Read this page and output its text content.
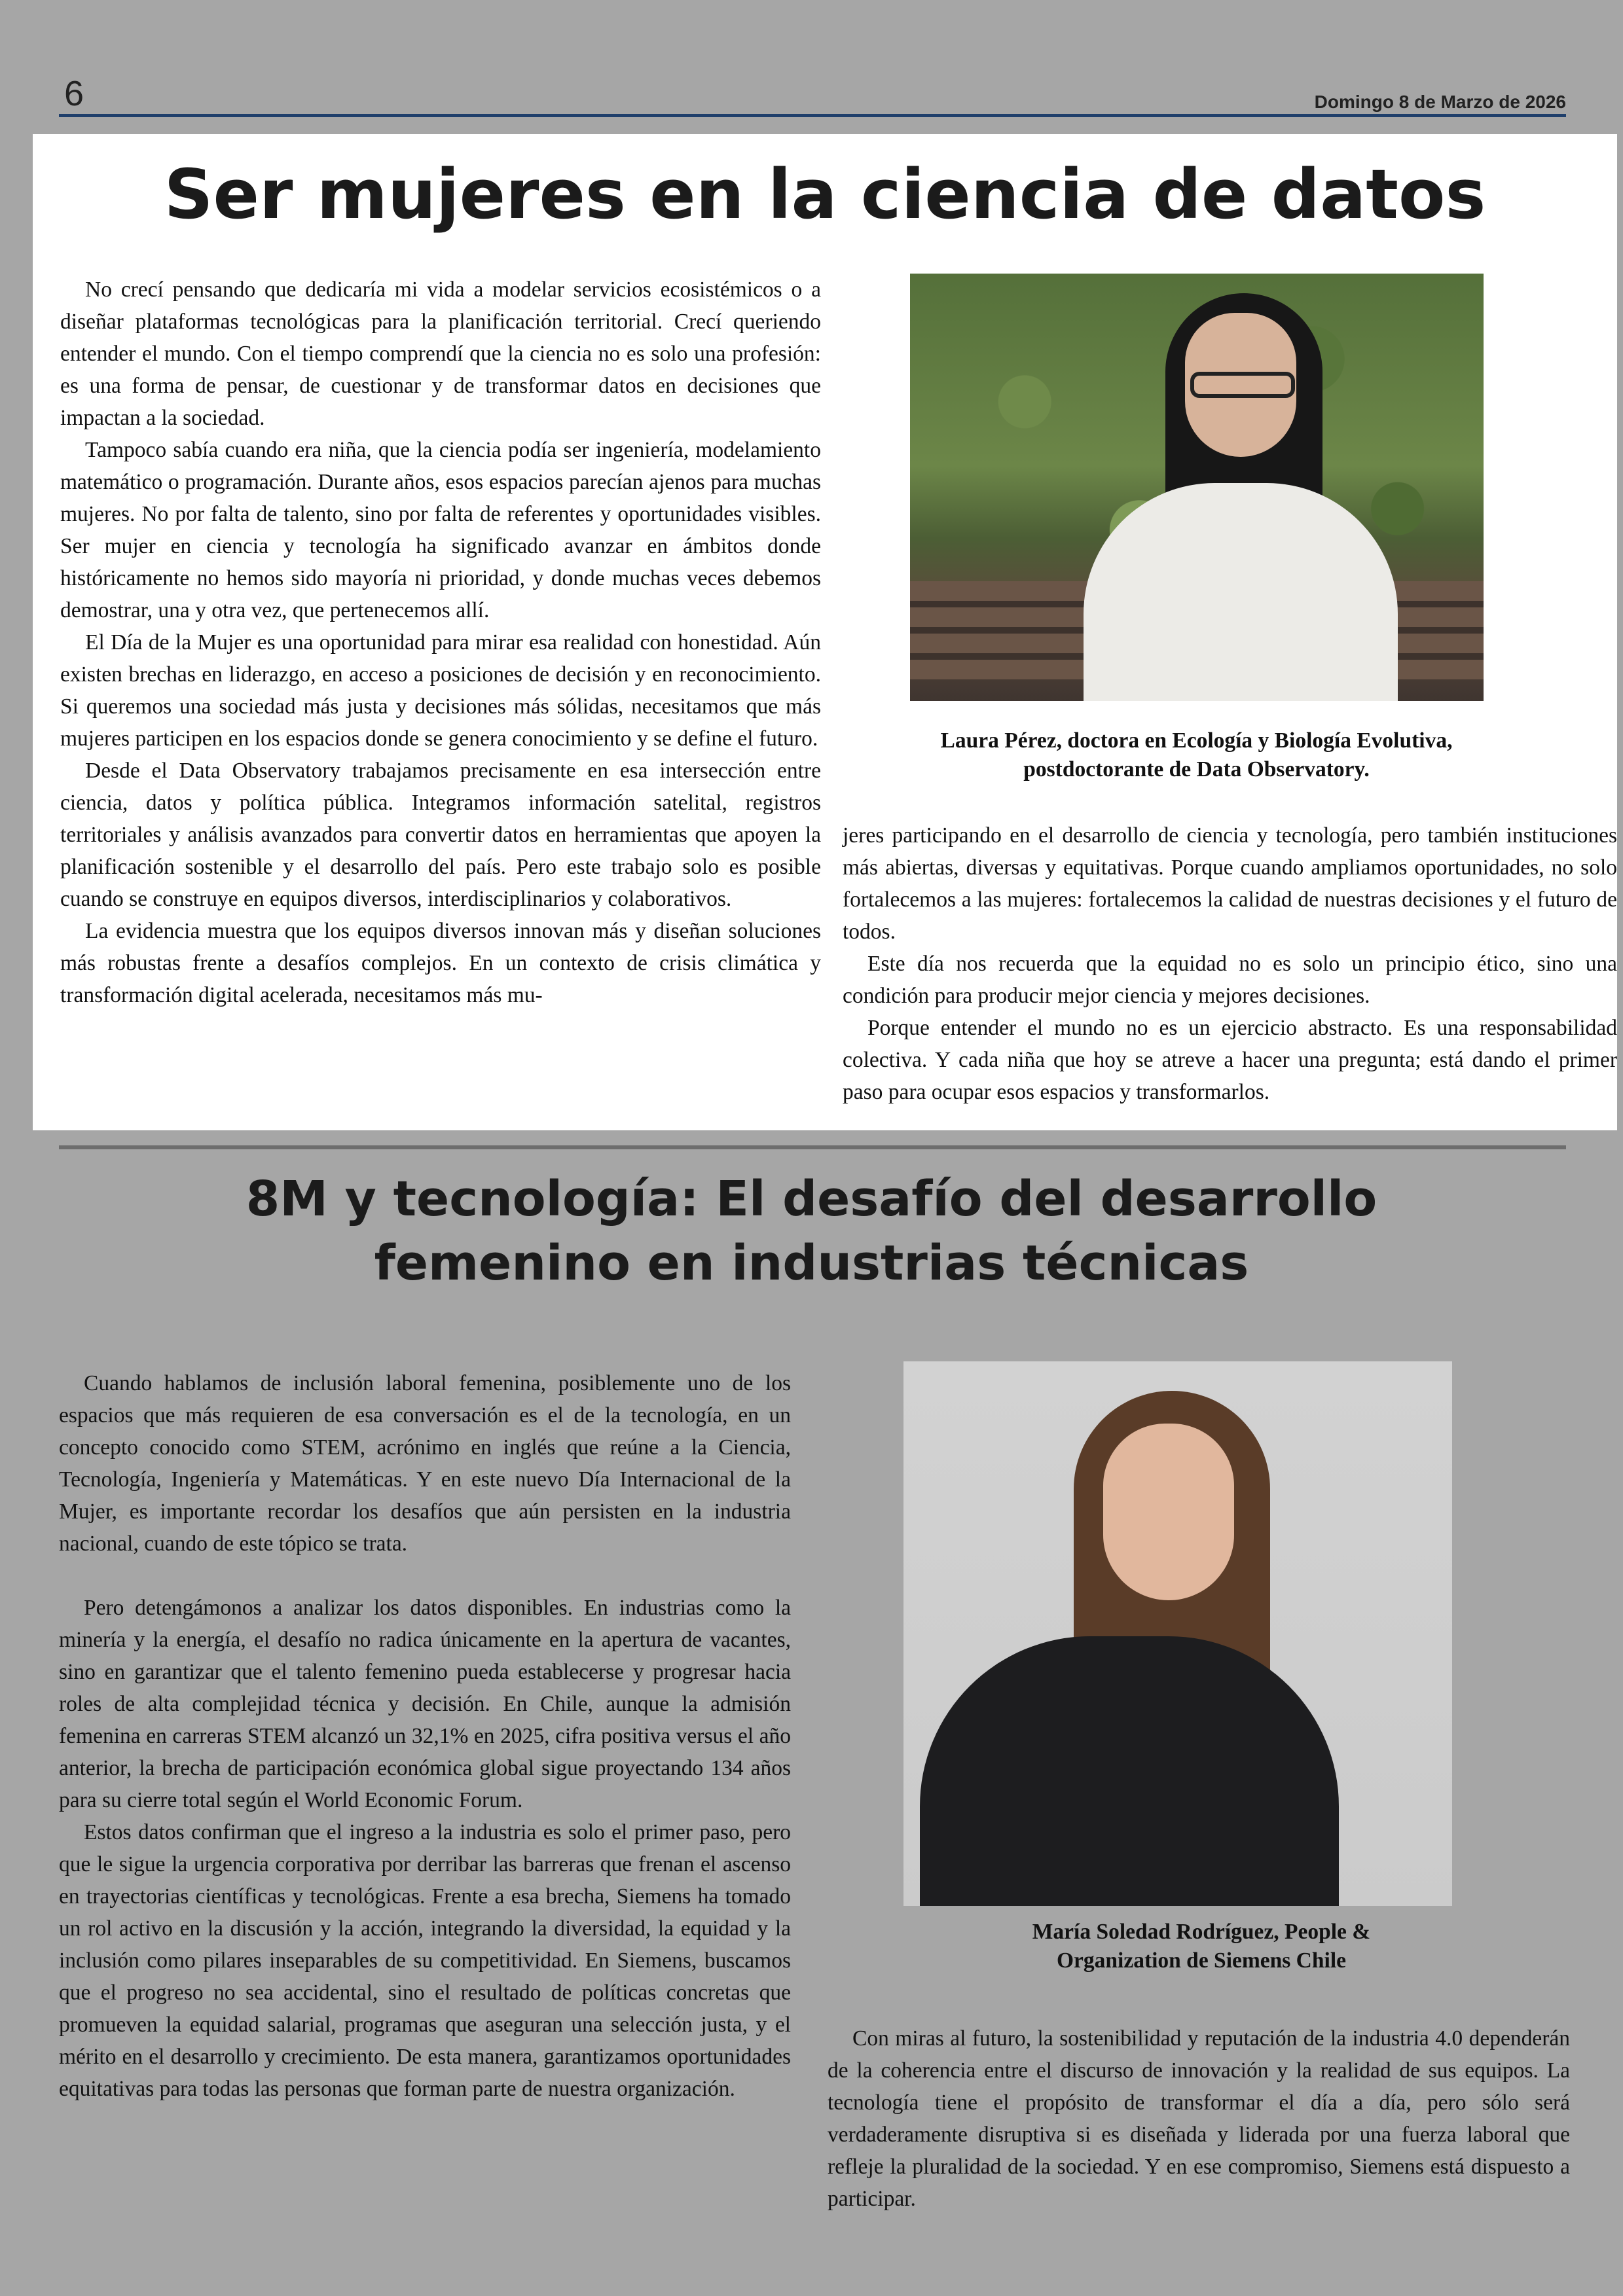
6	Domingo 8 de Marzo de 2026
Ser mujeres en la ciencia de datos

No crecí pensando que dedicaría mi vida a modelar servicios ecosistémicos o a diseñar plataformas tecnológicas para la planificación territorial. Crecí queriendo entender el mundo. Con el tiempo comprendí que la ciencia no es solo una profesión: es una forma de pensar, de cuestionar y de transformar datos en decisiones que impactan a la sociedad.

Tampoco sabía cuando era niña, que la ciencia podía ser ingeniería, modelamiento matemático o programación. Durante años, esos espacios parecían ajenos para muchas mujeres. No por falta de talento, sino por falta de referentes y oportunidades visibles. Ser mujer en ciencia y tecnología ha significado avanzar en ámbitos donde históricamente no hemos sido mayoría ni prioridad, y donde muchas veces debemos demostrar, una y otra vez, que pertenecemos allí.

El Día de la Mujer es una oportunidad para mirar esa realidad con honestidad. Aún existen brechas en liderazgo, en acceso a posiciones de decisión y en reconocimiento. Si queremos una sociedad más justa y decisiones más sólidas, necesitamos que más mujeres participen en los espacios donde se genera conocimiento y se define el futuro.

Desde el Data Observatory trabajamos precisamente en esa intersección entre ciencia, datos y política pública. Integramos información satelital, registros territoriales y análisis avanzados para convertir datos en herramientas que apoyen la planificación sostenible y el desarrollo del país. Pero este trabajo solo es posible cuando se construye en equipos diversos, interdisciplinarios y colaborativos.

La evidencia muestra que los equipos diversos innovan más y diseñan soluciones más robustas frente a desafíos complejos. En un contexto de crisis climática y transformación digital acelerada, necesitamos más mu-

Laura Pérez, doctora en Ecología y Biología Evolutiva,
postdoctorante de Data Observatory.

jeres participando en el desarrollo de ciencia y tecnología, pero también instituciones más abiertas, diversas y equitativas. Porque cuando ampliamos oportunidades, no solo fortalecemos a las mujeres: fortalecemos la calidad de nuestras decisiones y el futuro de todos.

Este día nos recuerda que la equidad no es solo un principio ético, sino una condición para producir mejor ciencia y mejores decisiones.

Porque entender el mundo no es un ejercicio abstracto. Es una responsabilidad colectiva. Y cada niña que hoy se atreve a hacer una pregunta; está dando el primer paso para ocupar esos espacios y transformarlos.

8M y tecnología: El desafío del desarrollo
femenino en industrias técnicas

Cuando hablamos de inclusión laboral femenina, posiblemente uno de los espacios que más requieren de esa conversación es el de la tecnología, en un concepto conocido como STEM, acrónimo en inglés que reúne a la Ciencia, Tecnología, Ingeniería y Matemáticas. Y en este nuevo Día Internacional de la Mujer, es importante recordar los desafíos que aún persisten en la industria nacional, cuando de este tópico se trata.

Pero detengámonos a analizar los datos disponibles. En industrias como la minería y la energía, el desafío no radica únicamente en la apertura de vacantes, sino en garantizar que el talento femenino pueda establecerse y progresar hacia roles de alta complejidad técnica y decisión. En Chile, aunque la admisión femenina en carreras STEM alcanzó un 32,1% en 2025, cifra positiva versus el año anterior, la brecha de participación económica global sigue proyectando 134 años para su cierre total según el World Economic Forum.

Estos datos confirman que el ingreso a la industria es solo el primer paso, pero que le sigue la urgencia corporativa por derribar las barreras que frenan el ascenso en trayectorias científicas y tecnológicas. Frente a esa brecha, Siemens ha tomado un rol activo en la discusión y la acción, integrando la diversidad, la equidad y la inclusión como pilares inseparables de su competitividad. En Siemens, buscamos que el progreso no sea accidental, sino el resultado de políticas concretas que promueven la equidad salarial, programas que aseguran una selección justa, y el mérito en el desarrollo y crecimiento. De esta manera, garantizamos oportunidades equitativas para todas las personas que forman parte de nuestra organización.

María Soledad Rodríguez, People &
Organization de Siemens Chile

Con miras al futuro, la sostenibilidad y reputación de la industria 4.0 dependerán de la coherencia entre el discurso de innovación y la realidad de sus equipos. La tecnología tiene el propósito de transformar el día a día, pero sólo será verdaderamente disruptiva si es diseñada y liderada por una fuerza laboral que refleje la pluralidad de la sociedad. Y en ese compromiso, Siemens está dispuesto a participar.
